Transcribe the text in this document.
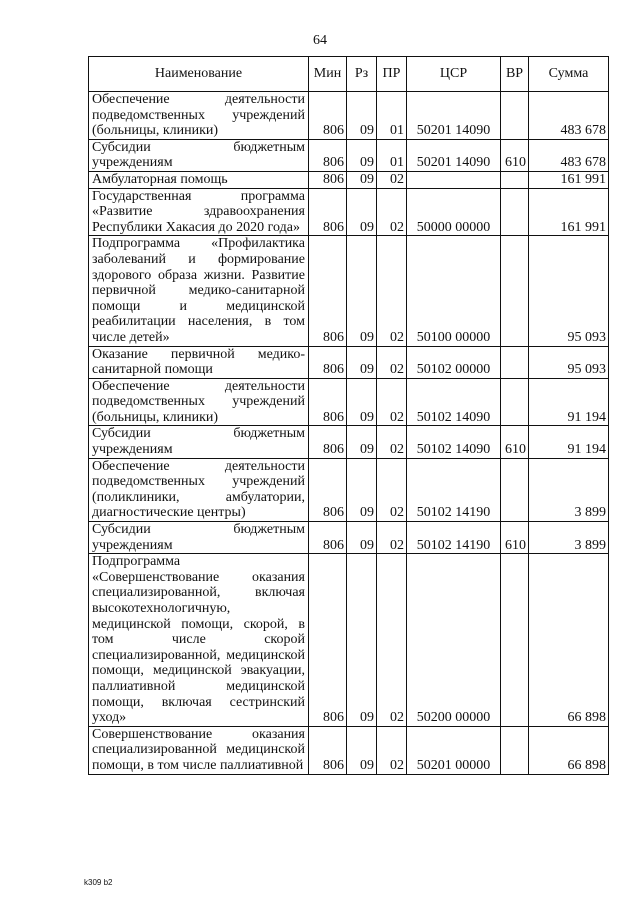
64
Наименование	Мин	Рз	ПР	ЦСР	ВР	Сумма
Обеспечение деятельности подведомственных учреждений (больницы, клиники)	806	09	01	50201 14090		483 678
Субсидии бюджетным учреждениям	806	09	01	50201 14090	610	483 678
Амбулаторная помощь	806	09	02			161 991
Государственная программа «Развитие здравоохранения Республики Хакасия до 2020 года»	806	09	02	50000 00000		161 991
Подпрограмма «Профилактика заболеваний и формирование здорового образа жизни. Развитие первичной медико-санитарной помощи и медицинской реабилитации населения, в том числе детей»	806	09	02	50100 00000		95 093
Оказание первичной медико-санитарной помощи	806	09	02	50102 00000		95 093
Обеспечение деятельности подведомственных учреждений (больницы, клиники)	806	09	02	50102 14090		91 194
Субсидии бюджетным учреждениям	806	09	02	50102 14090	610	91 194
Обеспечение деятельности подведомственных учреждений (поликлиники, амбулатории, диагностические центры)	806	09	02	50102 14190		3 899
Субсидии бюджетным учреждениям	806	09	02	50102 14190	610	3 899
Подпрограмма «Совершенствование оказания специализированной, включая высокотехнологичную, медицинской помощи, скорой, в том числе скорой специализированной, медицинской помощи, медицинской эвакуации, паллиативной медицинской помощи, включая сестринский уход»	806	09	02	50200 00000		66 898
Совершенствование оказания специализированной медицинской помощи, в том числе паллиативной	806	09	02	50201 00000		66 898
k309 b2
